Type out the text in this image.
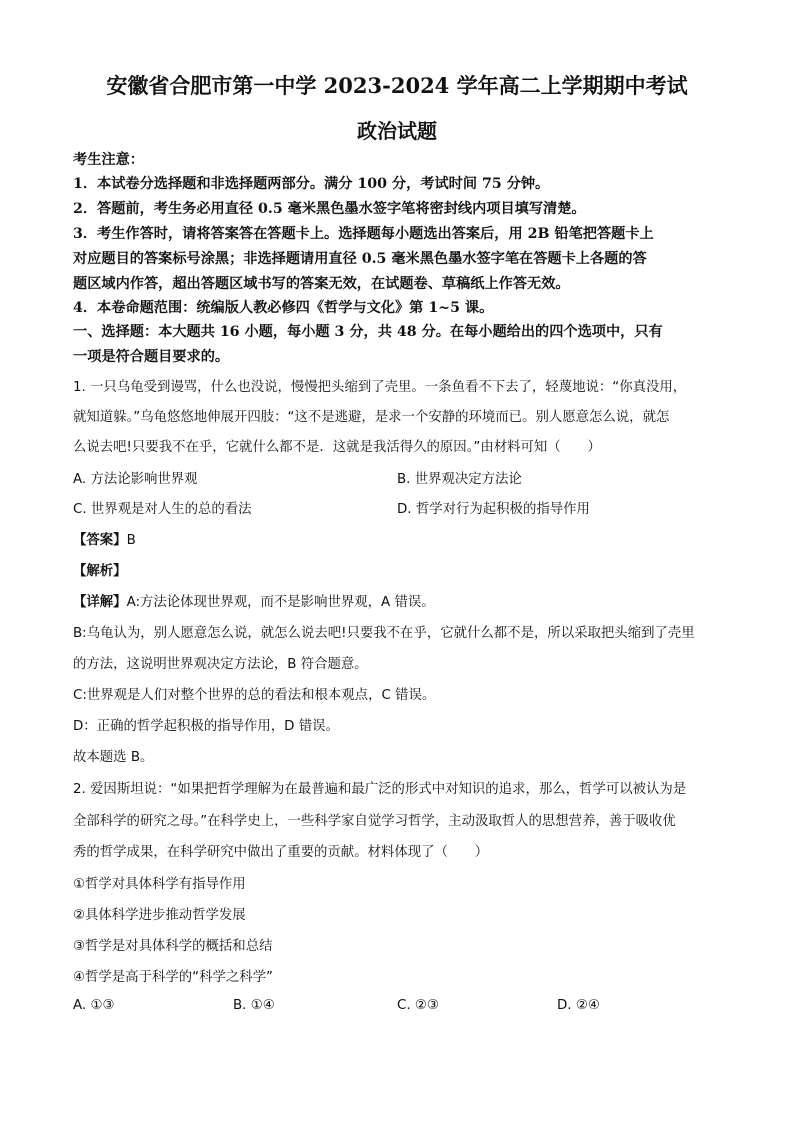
安徽省合肥市第一中学 2023-2024 学年高二上学期期中考试
政治试题
考生注意：
1．本试卷分选择题和非选择题两部分。满分 100 分，考试时间 75 分钟。
2．答题前，考生务必用直径 0.5 毫米黑色墨水签字笔将密封线内项目填写清楚。
3．考生作答时，请将答案答在答题卡上。选择题每小题选出答案后，用 2B 铅笔把答题卡上
对应题目的答案标号涂黑；非选择题请用直径 0.5 毫米黑色墨水签字笔在答题卡上各题的答
题区域内作答，超出答题区域书写的答案无效，在试题卷、草稿纸上作答无效。
4．本卷命题范围：统编版人教必修四《哲学与文化》第 1~5 课。
一、选择题：本大题共 16 小题，每小题 3 分，共 48 分。在每小题给出的四个选项中，只有
一项是符合题目要求的。
1. 一只乌龟受到谩骂，什么也没说，慢慢把头缩到了壳里。一条鱼看不下去了，轻蔑地说：“你真没用，
就知道躲。”乌龟悠悠地伸展开四肢：“这不是逃避，是求一个安静的环境而已。别人愿意怎么说，就怎
么说去吧!只要我不在乎，它就什么都不是．这就是我活得久的原因。”由材料可知（　　）
A. 方法论影响世界观	B. 世界观决定方法论
C. 世界观是对人生的总的看法	D. 哲学对行为起积极的指导作用
【答案】B
【解析】
【详解】A:方法论体现世界观，而不是影响世界观，A 错误。
B:乌龟认为，别人愿意怎么说，就怎么说去吧!只要我不在乎，它就什么都不是，所以采取把头缩到了壳里
的方法，这说明世界观决定方法论，B 符合题意。
C:世界观是人们对整个世界的总的看法和根本观点，C 错误。
D：正确的哲学起积极的指导作用，D 错误。
故本题选 B。
2. 爱因斯坦说：“如果把哲学理解为在最普遍和最广泛的形式中对知识的追求，那么，哲学可以被认为是
全部科学的研究之母。”在科学史上，一些科学家自觉学习哲学，主动汲取哲人的思想营养，善于吸收优
秀的哲学成果，在科学研究中做出了重要的贡献。材料体现了（　　）
①哲学对具体科学有指导作用
②具体科学进步推动哲学发展
③哲学是对具体科学的概括和总结
④哲学是高于科学的“科学之科学”
A. ①③	B. ①④	C. ②③	D. ②④
